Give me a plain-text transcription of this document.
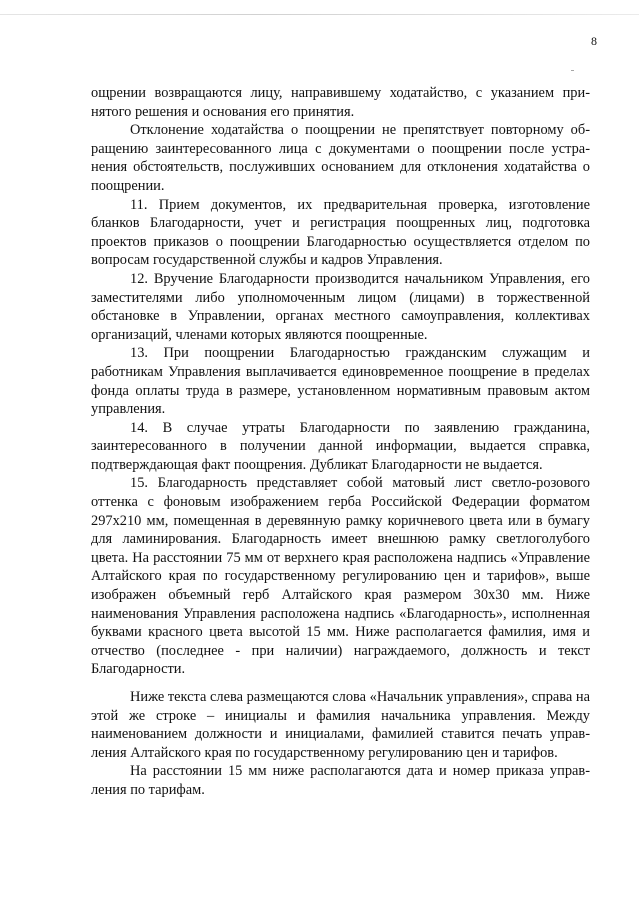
8

ощрении возвращаются лицу, направившему ходатайство, с указанием принятого решения и основания его принятия.

Отклонение ходатайства о поощрении не препятствует повторному обращению заинтересованного лица с документами о поощрении после устранения обстоятельств, послуживших основанием для отклонения ходатайства о поощрении.

11. Прием документов, их предварительная проверка, изготовление бланков Благодарности, учет и регистрация поощренных лиц, подготовка проектов приказов о поощрении Благодарностью осуществляется отделом по вопросам государственной службы и кадров Управления.

12. Вручение Благодарности производится начальником Управления, его заместителями либо уполномоченным лицом (лицами) в торжественной обстановке в Управлении, органах местного самоуправления, коллективах организаций, членами которых являются поощренные.

13. При поощрении Благодарностью гражданским служащим и работникам Управления выплачивается единовременное поощрение в пределах фонда оплаты труда в размере, установленном нормативным правовым актом управления.

14. В случае утраты Благодарности по заявлению гражданина, заинтересованного в получении данной информации, выдается справка, подтверждающая факт поощрения. Дубликат Благодарности не выдается.

15. Благодарность представляет собой матовый лист светло-розового оттенка с фоновым изображением герба Российской Федерации форматом 297х210 мм, помещенная в деревянную рамку коричневого цвета или в бумагу для ламинирования. Благодарность имеет внешнюю рамку светлоголубого цвета. На расстоянии 75 мм от верхнего края расположена надпись «Управление Алтайского края по государственному регулированию цен и тарифов», выше изображен объемный герб Алтайского края размером 30х30 мм. Ниже наименования Управления расположена надпись «Благодарность», исполненная буквами красного цвета высотой 15 мм. Ниже располагается фамилия, имя и отчество (последнее - при наличии) награждаемого, должность и текст Благодарности.

Ниже текста слева размещаются слова «Начальник управления», справа на этой же строке – инициалы и фамилия начальника управления. Между наименованием должности и инициалами, фамилией ставится печать управления Алтайского края по государственному регулированию цен и тарифов.

На расстоянии 15 мм ниже располагаются дата и номер приказа управления по тарифам.
